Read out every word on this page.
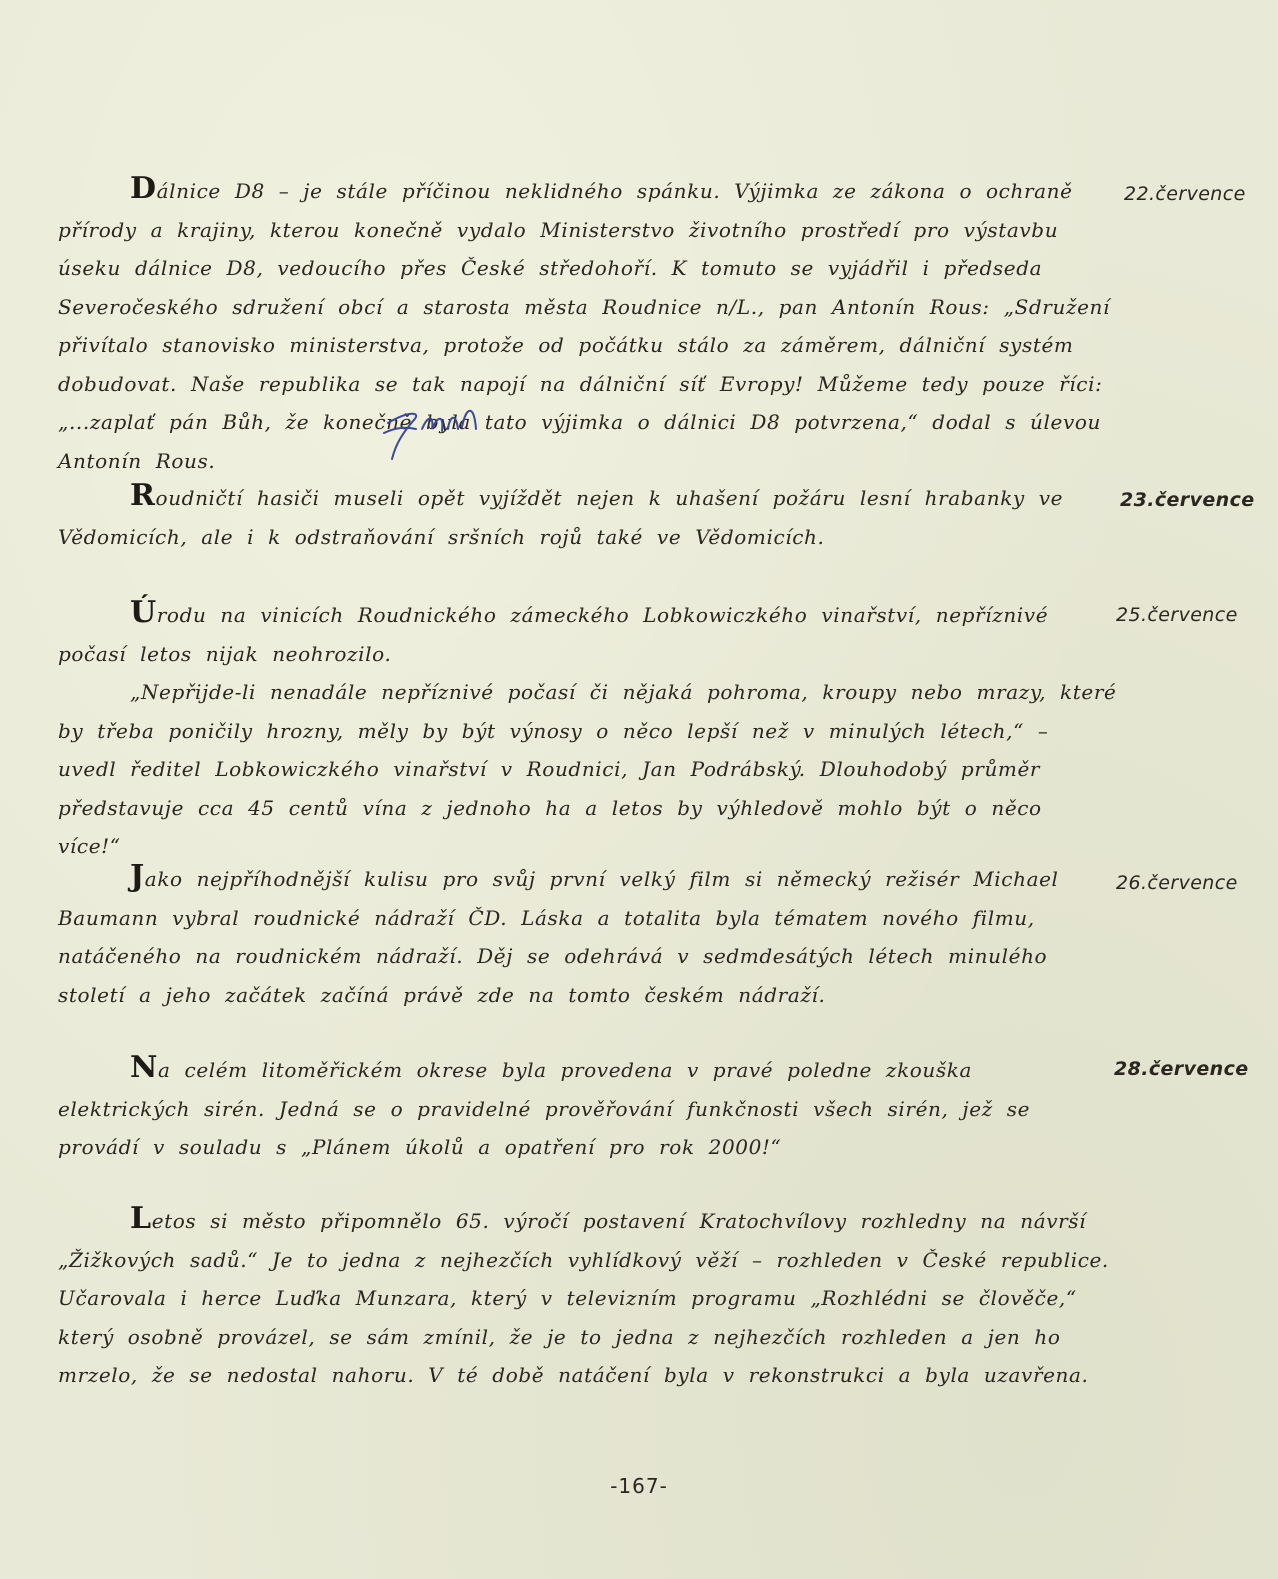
Dálnice D8 – je stále příčinou neklidného spánku. Výjimka ze zákona o ochraně přírody a krajiny, kterou konečně vydalo Ministerstvo životního prostředí pro výstavbu úseku dálnice D8, vedoucího přes České středohoří. K tomuto se vyjádřil i předseda Severočeského sdružení obcí a starosta města Roudnice n/L., pan Antonín Rous: „Sdružení přivítalo stanovisko ministerstva, protože od počátku stálo za záměrem, dálniční systém dobudovat. Naše republika se tak napojí na dálniční síť Evropy! Můžeme tedy pouze říci: „...zaplať pán Bůh, že konečně byla tato výjimka o dálnici D8 potvrzena,“ dodal s úlevou Antonín Rous.

22.července

Roudničtí hasiči museli opět vyjíždět nejen k uhašení požáru lesní hrabanky ve Vědomicích, ale i k odstraňování sršních rojů také ve Vědomicích.

23.července

Úrodu na vinicích Roudnického zámeckého Lobkowiczkého vinařství, nepříznivé počasí letos nijak neohrozilo.

„Nepřijde-li nenadále nepříznivé počasí či nějaká pohroma, kroupy nebo mrazy, které by třeba poničily hrozny, měly by být výnosy o něco lepší než v minulých létech,“ – uvedl ředitel Lobkowiczkého vinařství v Roudnici, Jan Podrábský. Dlouhodobý průměr představuje cca 45 centů vína z jednoho ha a letos by výhledově mohlo být o něco více!“

25.července

Jako nejpříhodnější kulisu pro svůj první velký film si německý režisér Michael Baumann vybral roudnické nádraží ČD. Láska a totalita byla tématem nového filmu, natáčeného na roudnickém nádraží. Děj se odehrává v sedmdesátých létech minulého století a jeho začátek začíná právě zde na tomto českém nádraží.

26.července

Na celém litoměřickém okrese byla provedena v pravé poledne zkouška elektrických sirén. Jedná se o pravidelné prověřování funkčnosti všech sirén, jež se provádí v souladu s „Plánem úkolů a opatření pro rok 2000!“

28.července

Letos si město připomnělo 65. výročí postavení Kratochvílovy rozhledny na návrší „Žižkových sadů.“ Je to jedna z nejhezčích vyhlídkový věží – rozhleden v České republice. Učarovala i herce Luďka Munzara, který v televizním programu „Rozhlédni se člověče,“ který osobně provázel, se sám zmínil, že je to jedna z nejhezčích rozhleden a jen ho mrzelo, že se nedostal nahoru. V té době natáčení byla v rekonstrukci a byla uzavřena.

-167-
